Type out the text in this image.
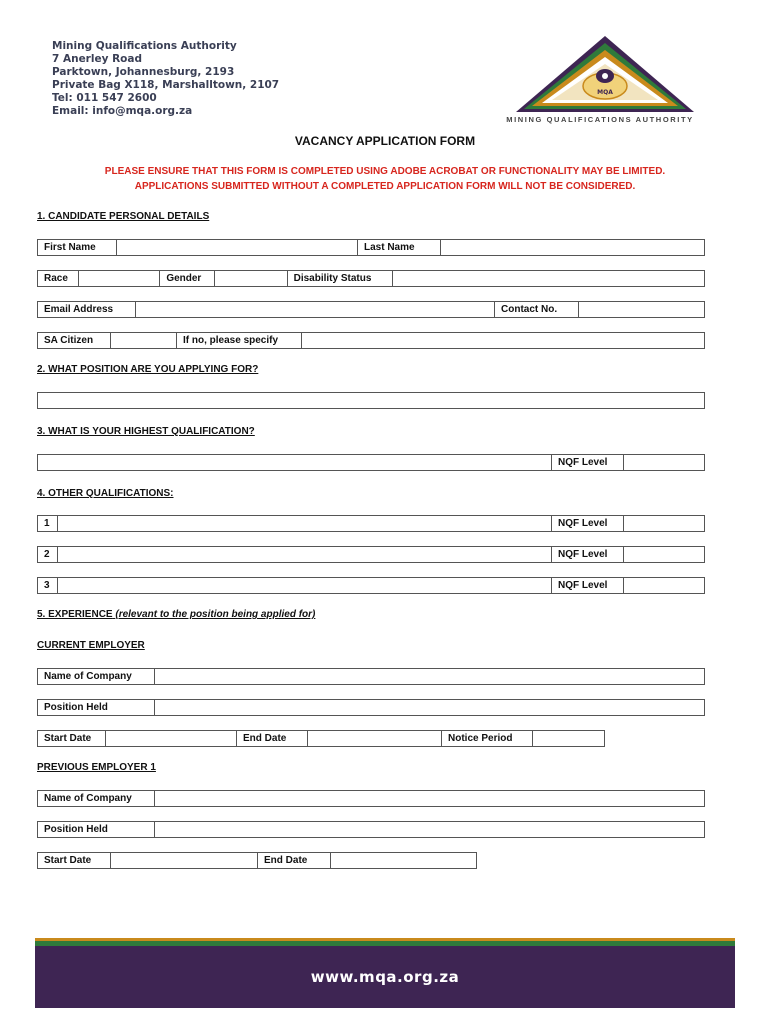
Mining Qualifications Authority
7 Anerley Road
Parktown, Johannesburg, 2193
Private Bag X118, Marshalltown, 2107
Tel: 011 547 2600
Email: info@mqa.org.za
MQA
MINING QUALIFICATIONS AUTHORITY
VACANCY APPLICATION FORM
PLEASE ENSURE THAT THIS FORM IS COMPLETED USING ADOBE ACROBAT OR FUNCTIONALITY MAY BE LIMITED.
APPLICATIONS SUBMITTED WITHOUT A COMPLETED APPLICATION FORM WILL NOT BE CONSIDERED.
1. CANDIDATE PERSONAL DETAILS
First Name	Last Name
Race	Gender	Disability Status
Email Address	Contact No.
SA Citizen	If no, please specify
2. WHAT POSITION ARE YOU APPLYING FOR?
3. WHAT IS YOUR HIGHEST QUALIFICATION?
NQF Level
4. OTHER QUALIFICATIONS:
1	NQF Level
2	NQF Level
3	NQF Level
5. EXPERIENCE (relevant to the position being applied for)
CURRENT EMPLOYER
Name of Company
Position Held
Start Date	End Date	Notice Period
PREVIOUS EMPLOYER 1
Name of Company
Position Held
Start Date	End Date
www.mqa.org.za
